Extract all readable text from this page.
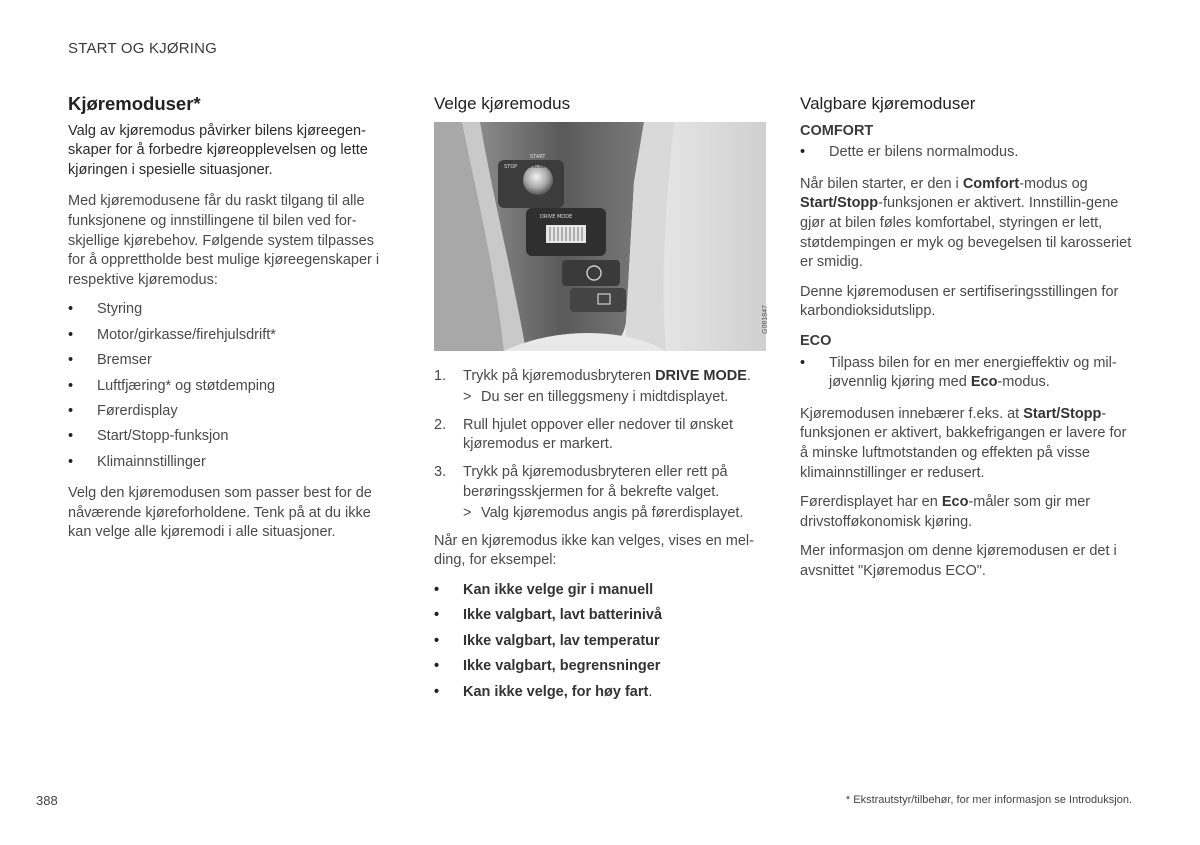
START OG KJØRING
Kjøremoduser*

Valg av kjøremodus påvirker bilens kjøreegen-skaper for å forbedre kjøreopplevelsen og lette kjøringen i spesielle situasjoner.

Med kjøremodusene får du raskt tilgang til alle funksjonene og innstillingene til bilen ved for-skjellige kjørebehov. Følgende system tilpasses for å opprettholde best mulige kjøreegenskaper i respektive kjøremodus:

• Styring
• Motor/girkasse/firehjulsdrift*
• Bremser
• Luftfjæring* og støtdemping
• Førerdisplay
• Start/Stopp-funksjon
• Klimainnstillinger

Velg den kjøremodusen som passer best for de nåværende kjøreforholdene. Tenk på at du ikke kan velge alle kjøremodi i alle situasjoner.

Velge kjøremodus
STOP
START
ENGINE
DRIVE MODE
G061847
1. Trykk på kjøremodusbryteren DRIVE MODE.
> Du ser en tilleggsmeny i midtdisplayet.
2. Rull hjulet oppover eller nedover til ønsket kjøremodus er markert.
3. Trykk på kjøremodusbryteren eller rett på berøringsskjermen for å bekrefte valget.
> Valg kjøremodus angis på førerdisplayet.

Når en kjøremodus ikke kan velges, vises en mel-ding, for eksempel:

• Kan ikke velge gir i manuell
• Ikke valgbart, lavt batterinivå
• Ikke valgbart, lav temperatur
• Ikke valgbart, begrensninger
• Kan ikke velge, for høy fart.
Valgbare kjøremoduser
COMFORT
• Dette er bilens normalmodus.

Når bilen starter, er den i Comfort-modus og Start/Stopp-funksjonen er aktivert. Innstillin-gene gjør at bilen føles komfortabel, styringen er lett, støtdempingen er myk og bevegelsen til karosseriet er smidig.

Denne kjøremodusen er sertifiseringsstillingen for karbondioksidutslipp.

ECO
• Tilpass bilen for en mer energieffektiv og mil-jøvennlig kjøring med Eco-modus.

Kjøremodusen innebærer f.eks. at Start/Stopp-funksjonen er aktivert, bakkefrigangen er lavere for å minske luftmotstanden og effekten på visse klimainnstillinger er redusert.

Førerdisplayet har en Eco-måler som gir mer drivstofføkonomisk kjøring.

Mer informasjon om denne kjøremodusen er det i avsnittet "Kjøremodus ECO".

388	* Ekstrautstyr/tilbehør, for mer informasjon se Introduksjon.
